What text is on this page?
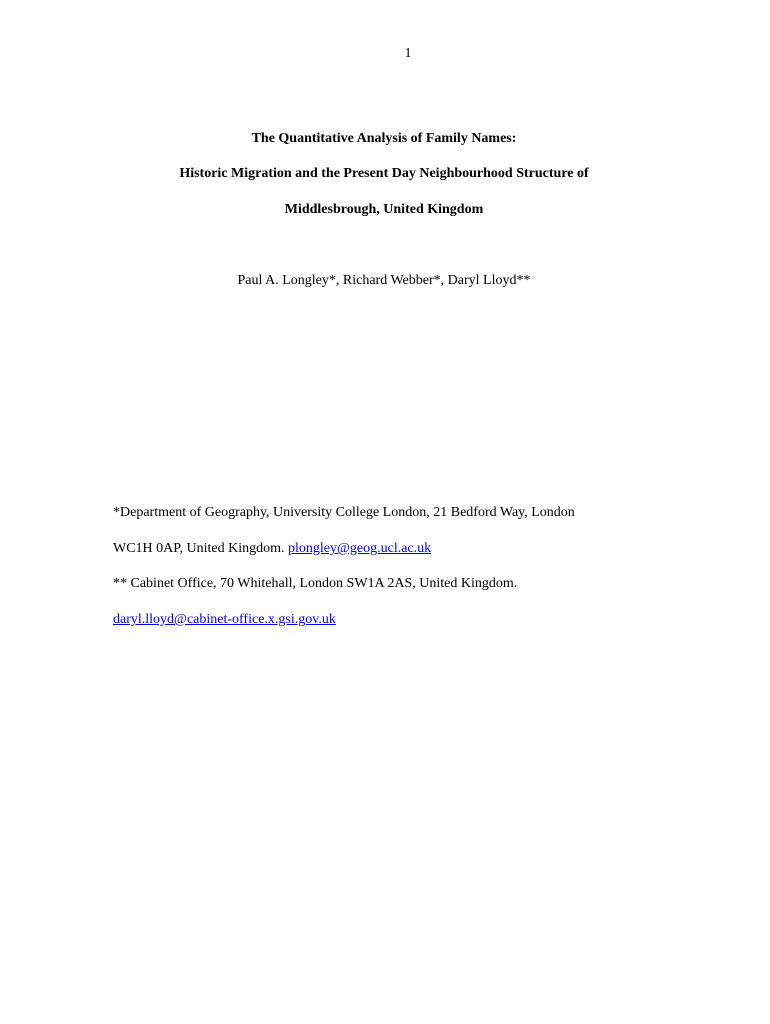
1
The Quantitative Analysis of Family Names:
Historic Migration and the Present Day Neighbourhood Structure of
Middlesbrough, United Kingdom
Paul A. Longley*, Richard Webber*, Daryl Lloyd**
*Department of Geography, University College London, 21 Bedford Way, London
WC1H 0AP, United Kingdom. plongley@geog.ucl.ac.uk
** Cabinet Office, 70 Whitehall, London SW1A 2AS, United Kingdom.
daryl.lloyd@cabinet-office.x.gsi.gov.uk
